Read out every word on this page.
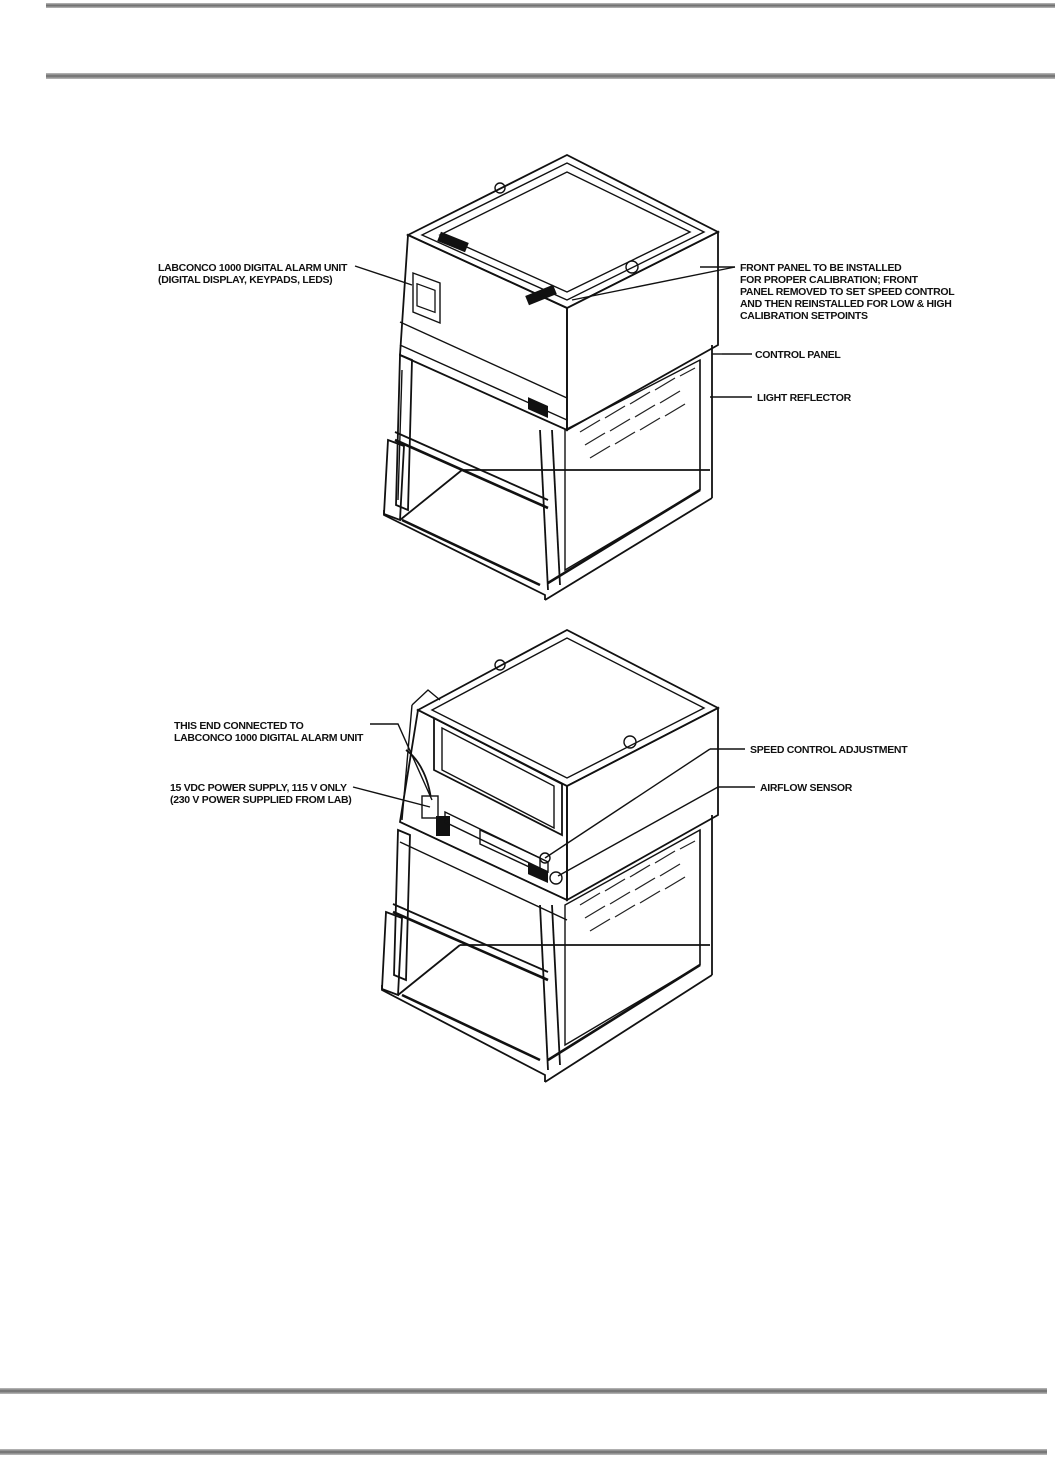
LABCONCO 1000 DIGITAL ALARM UNIT (DIGITAL DISPLAY, KEYPADS, LEDS)
FRONT PANEL TO BE INSTALLED FOR PROPER CALIBRATION; FRONT PANEL REMOVED TO SET SPEED CONTROL AND THEN REINSTALLED FOR LOW & HIGH CALIBRATION SETPOINTS
CONTROL PANEL
LIGHT REFLECTOR
THIS END CONNECTED TO LABCONCO 1000 DIGITAL ALARM UNIT
15 VDC POWER SUPPLY, 115 V ONLY (230 V POWER SUPPLIED FROM LAB)
SPEED CONTROL ADJUSTMENT
AIRFLOW SENSOR
